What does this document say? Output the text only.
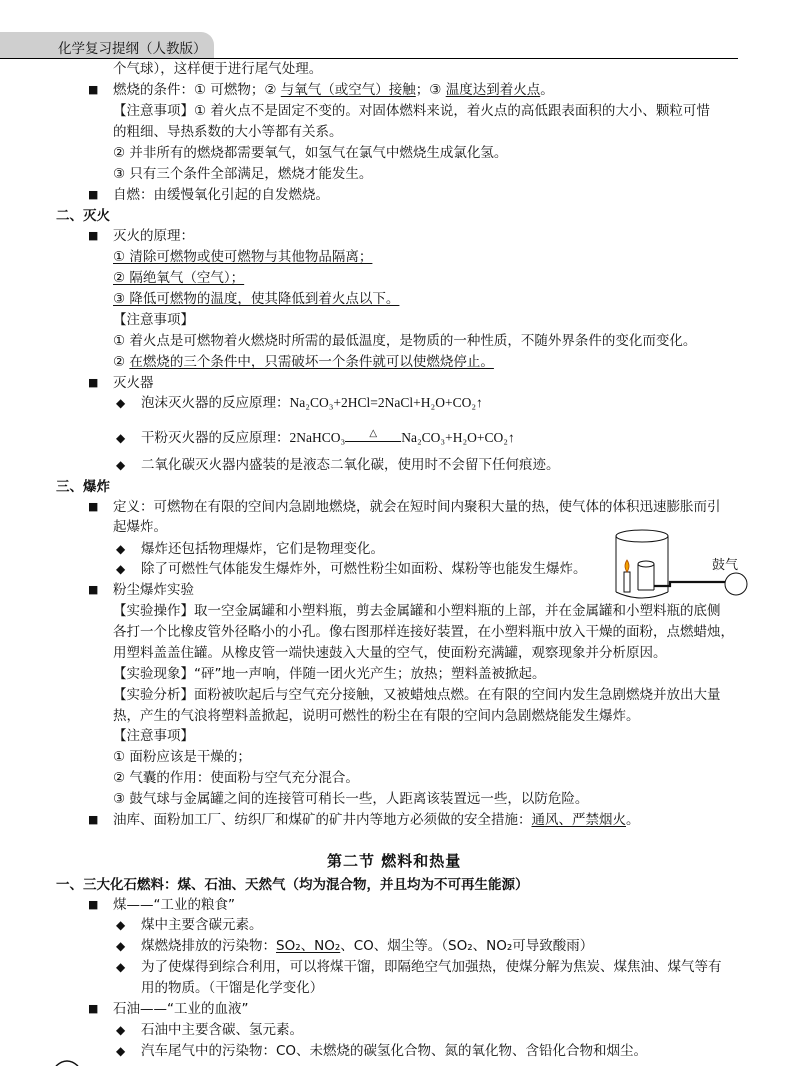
化学复习提纲（人教版）
个气球），这样便于进行尾气处理。
■ 燃烧的条件：① 可燃物；② 与氧气（或空气）接触；③ 温度达到着火点。
【注意事项】① 着火点不是固定不变的。对固体燃料来说，着火点的高低跟表面积的大小、颗粒可惜
的粗细、导热系数的大小等都有关系。
② 并非所有的燃烧都需要氧气，如氢气在氯气中燃烧生成氯化氢。
③ 只有三个条件全部满足，燃烧才能发生。
■ 自燃：由缓慢氧化引起的自发燃烧。
二、灭火
■ 灭火的原理：
① 清除可燃物或使可燃物与其他物品隔离；
② 隔绝氧气（空气）；
③ 降低可燃物的温度，使其降低到着火点以下。
【注意事项】
① 着火点是可燃物着火燃烧时所需的最低温度，是物质的一种性质，不随外界条件的变化而变化。
② 在燃烧的三个条件中，只需破坏一个条件就可以使燃烧停止。
■ 灭火器
◆ 泡沫灭火器的反应原理：Na₂CO₃+2HCl=2NaCl+H₂O+CO₂↑
◆ 干粉灭火器的反应原理：2NaHCO₃	△	Na₂CO₃+H₂O+CO₂↑
◆ 二氧化碳灭火器内盛装的是液态二氧化碳，使用时不会留下任何痕迹。
三、爆炸
■ 定义：可燃物在有限的空间内急剧地燃烧，就会在短时间内聚积大量的热，使气体的体积迅速膨胀而引
起爆炸。
◆ 爆炸还包括物理爆炸，它们是物理变化。
◆ 除了可燃性气体能发生爆炸外，可燃性粉尘如面粉、煤粉等也能发生爆炸。
■ 粉尘爆炸实验
【实验操作】取一空金属罐和小塑料瓶，剪去金属罐和小塑料瓶的上部，并在金属罐和小塑料瓶的底侧
各打一个比橡皮管外径略小的小孔。像右图那样连接好装置，在小塑料瓶中放入干燥的面粉，点燃蜡烛，
用塑料盖盖住罐。从橡皮管一端快速鼓入大量的空气，使面粉充满罐，观察现象并分析原因。
【实验现象】“砰”地一声响，伴随一团火光产生；放热；塑料盖被掀起。
【实验分析】面粉被吹起后与空气充分接触，又被蜡烛点燃。在有限的空间内发生急剧燃烧并放出大量
热，产生的气浪将塑料盖掀起，说明可燃性的粉尘在有限的空间内急剧燃烧能发生爆炸。
【注意事项】
① 面粉应该是干燥的；
② 气囊的作用：使面粉与空气充分混合。
③ 鼓气球与金属罐之间的连接管可稍长一些，人距离该装置远一些，以防危险。
■ 油库、面粉加工厂、纺织厂和煤矿的矿井内等地方必须做的安全措施：通风、严禁烟火。
第二节 燃料和热量
一、三大化石燃料：煤、石油、天然气（均为混合物，并且均为不可再生能源）
■ 煤——“工业的粮食”
◆ 煤中主要含碳元素。
◆ 煤燃烧排放的污染物：SO₂、NO₂、CO、烟尘等。（SO₂、NO₂可导致酸雨）
◆ 为了使煤得到综合利用，可以将煤干馏，即隔绝空气加强热，使煤分解为焦炭、煤焦油、煤气等有
用的物质。（干馏是化学变化）
■ 石油——“工业的血液”
◆ 石油中主要含碳、氢元素。
◆ 汽车尾气中的污染物：CO、未燃烧的碳氢化合物、氮的氧化物、含铅化合物和烟尘。
鼓气
